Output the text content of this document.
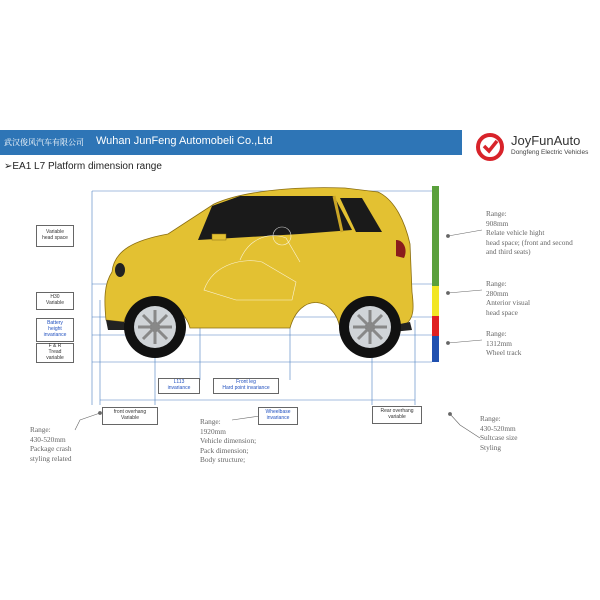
武汉俊风汽车有限公司 Wuhan JunFeng Automobeli Co.,Ltd	JoyFunAuto
Dongfeng Electric Vehicles
➢EA1 L7 Platform dimension range
Variable
head space
H30
Variable
Battery
height
invariance
F & R
Tread
variable
L113
invariance
Front leg
Hard point invariance
front overhang
Variable
Wheelbase
invariance
Rear overhang
variable
Range:
908mm
Relate vehicle hight
head space; (front and second
and third seats)
Range:
280mm
Anterior visual
head space
Range:
1312mm
Wheel track
Range:
430-520mm
Package crash
styling related
Range:
1920mm
Vehicle dimension;
Pack dimension;
Body structure;
Range:
430-520mm
Sultcase size
Styling
